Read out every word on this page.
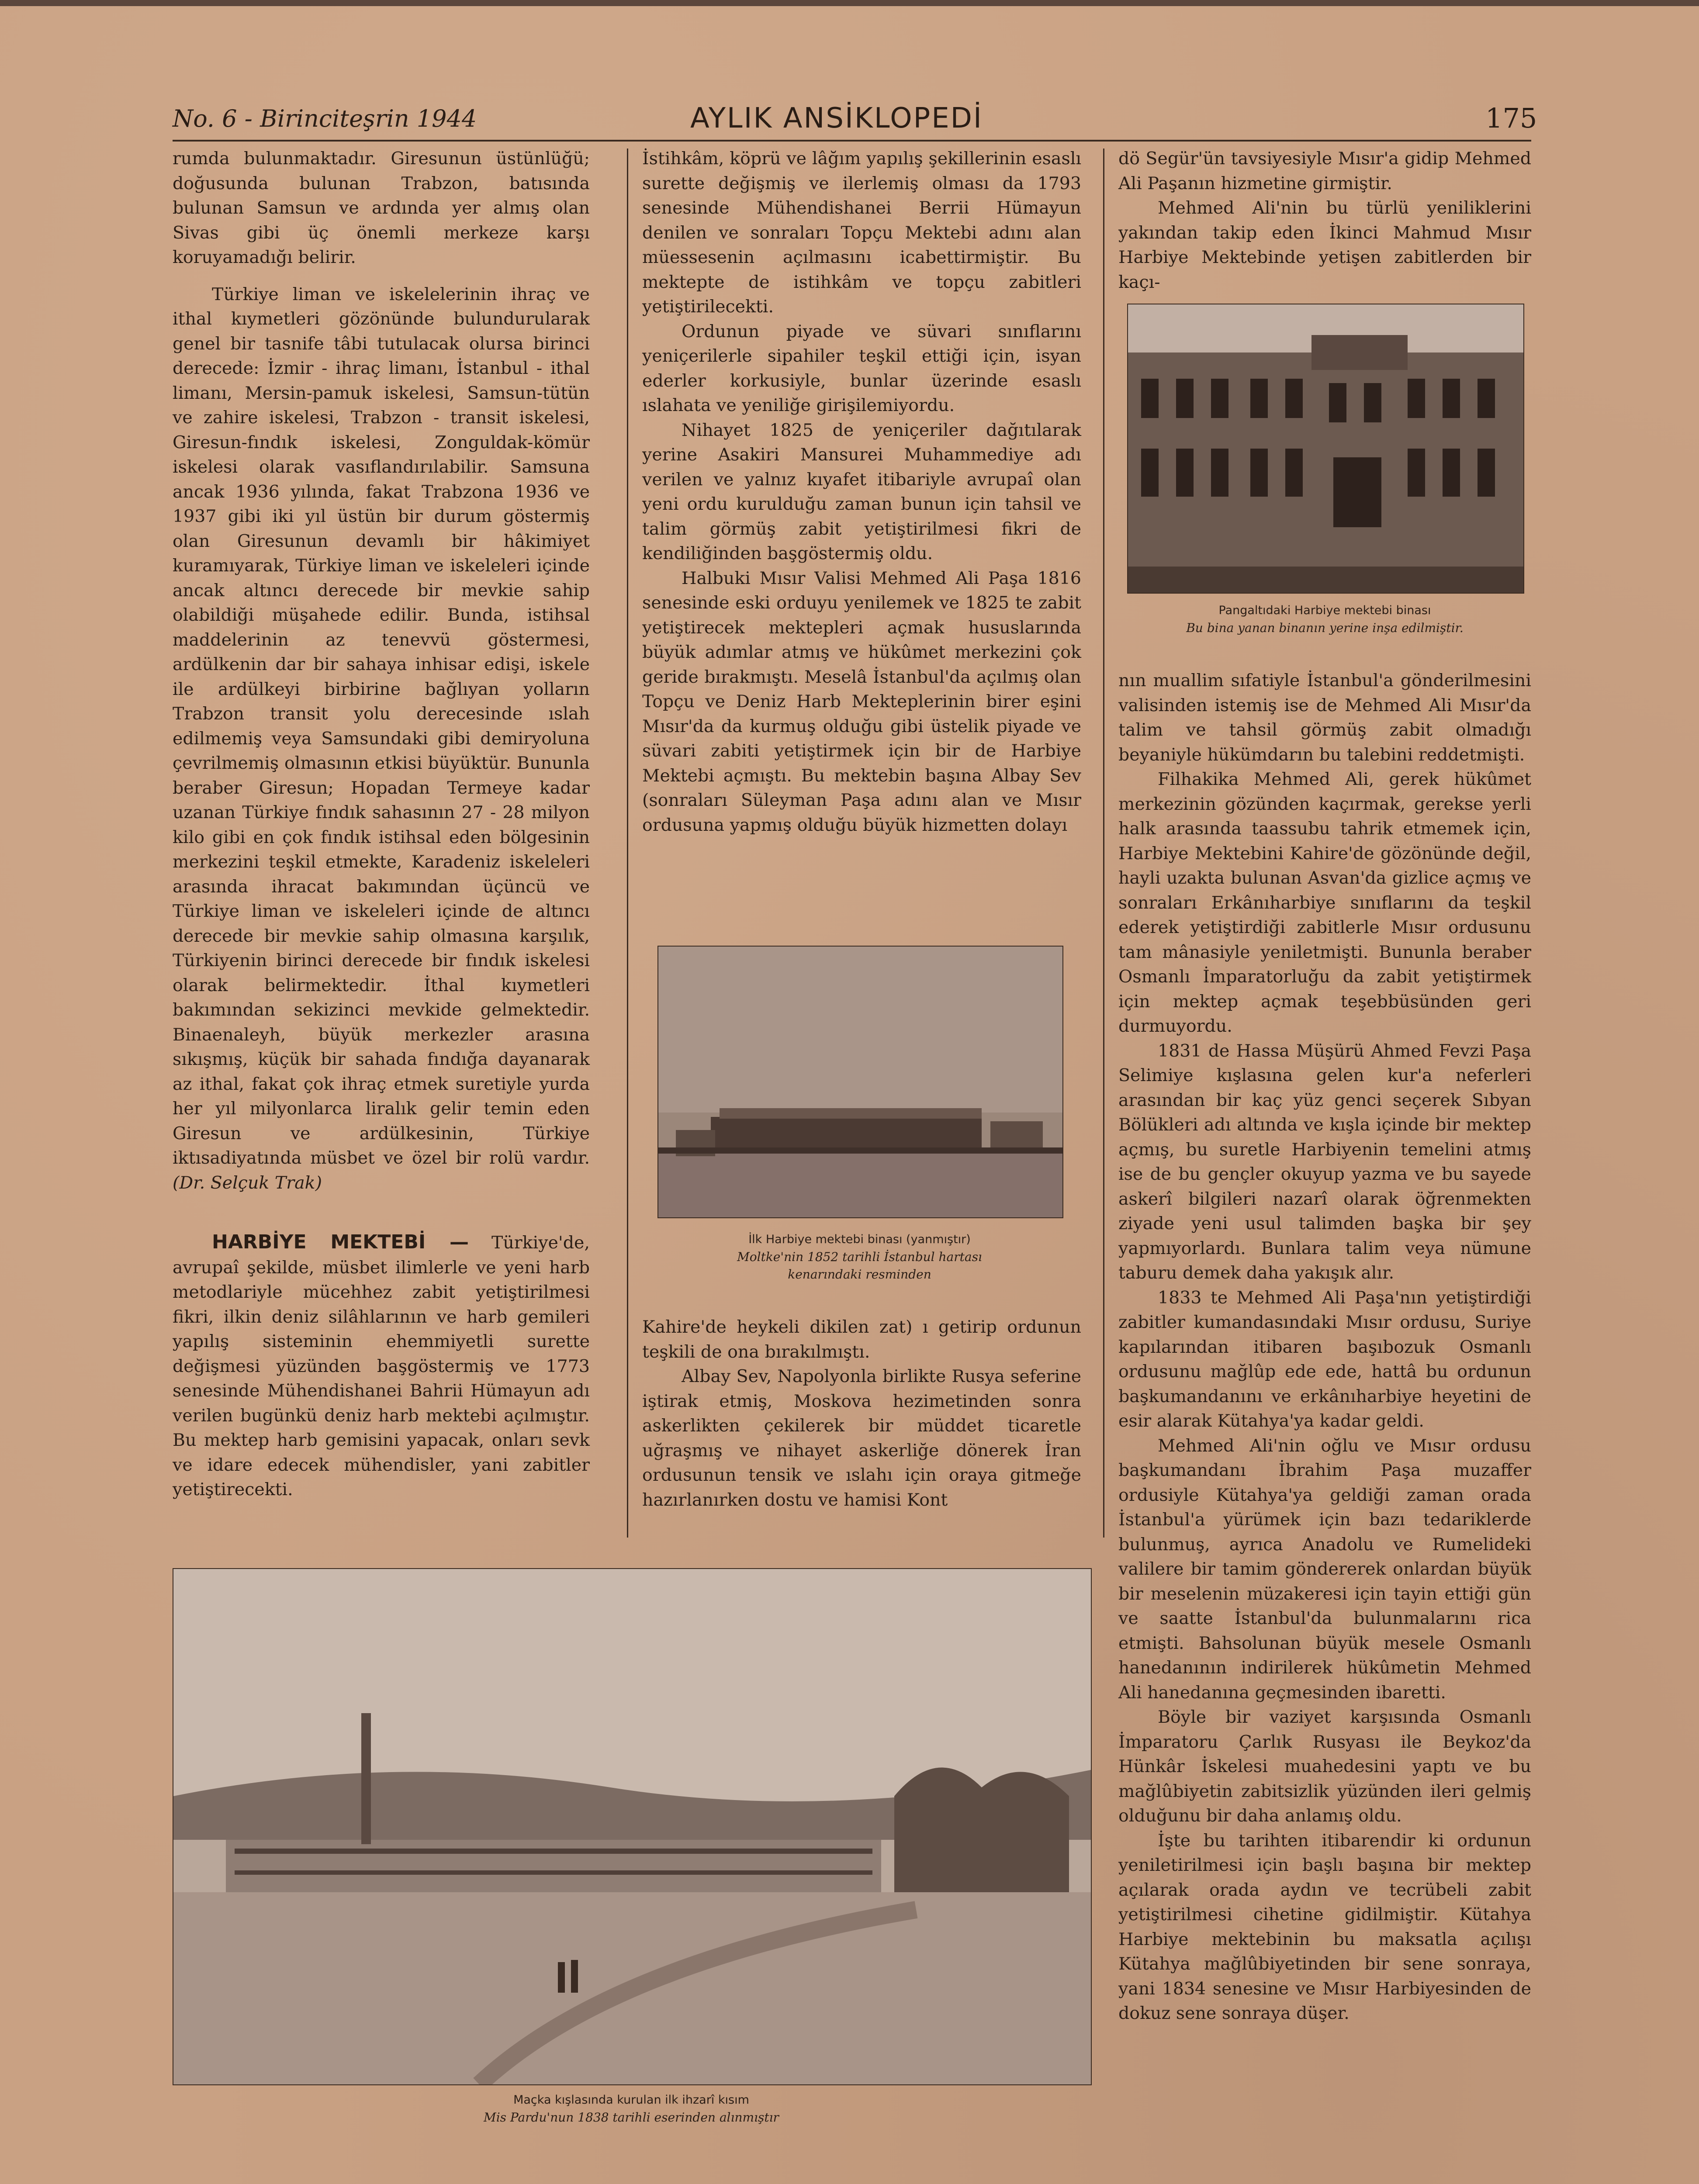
No. 6 - Birinciteşrin 1944	AYLIK ANSİKLOPEDİ	175

rumda bulunmaktadır. Giresunun üstünlüğü; doğusunda bulunan Trabzon, batısında bulunan Samsun ve ardında yer almış olan Sivas gibi üç önemli merkeze karşı koruyamadığı belirir.

Türkiye liman ve iskelelerinin ihraç ve ithal kıymetleri gözönünde bulundurularak genel bir tasnife tâbi tutulacak olursa birinci derecede: İzmir - ihraç limanı, İstanbul - ithal limanı, Mersin-pamuk iskelesi, Samsun-tütün ve zahire iskelesi, Trabzon - transit iskelesi, Giresun-fındık iskelesi, Zonguldak-kömür iskelesi olarak vasıflandırılabilir. Samsuna ancak 1936 yılında, fakat Trabzona 1936 ve 1937 gibi iki yıl üstün bir durum göstermiş olan Giresunun devamlı bir hâkimiyet kuramıyarak, Türkiye liman ve iskeleleri içinde ancak altıncı derecede bir mevkie sahip olabildiği müşahede edilir. Bunda, istihsal maddelerinin az tenevvü göstermesi, ardülkenin dar bir sahaya inhisar edişi, iskele ile ardülkeyi birbirine bağlıyan yolların Trabzon transit yolu derecesinde ıslah edilmemiş veya Samsundaki gibi demiryoluna çevrilmemiş olmasının etkisi büyüktür. Bununla beraber Giresun; Hopadan Termeye kadar uzanan Türkiye fındık sahasının 27 - 28 milyon kilo gibi en çok fındık istihsal eden bölgesinin merkezini teşkil etmekte, Karadeniz iskeleleri arasında ihracat bakımından üçüncü ve Türkiye liman ve iskeleleri içinde de altıncı derecede bir mevkie sahip olmasına karşılık, Türkiyenin birinci derecede bir fındık iskelesi olarak belirmektedir. İthal kıymetleri bakımından sekizinci mevkide gelmektedir. Binaenaleyh, büyük merkezler arasına sıkışmış, küçük bir sahada fındığa dayanarak az ithal, fakat çok ihraç etmek suretiyle yurda her yıl milyonlarca liralık gelir temin eden Giresun ve ardülkesinin, Türkiye iktısadiyatında müsbet ve özel bir rolü vardır. (Dr. Selçuk Trak)

HARBİYE MEKTEBİ — Türkiye'de, avrupaî şekilde, müsbet ilimlerle ve yeni harb metodlariyle mücehhez zabit yetiştirilmesi fikri, ilkin deniz silâhlarının ve harb gemileri yapılış sisteminin ehemmiyetli surette değişmesi yüzünden başgöstermiş ve 1773 senesinde Mühendishanei Bahrii Hümayun adı verilen bugünkü deniz harb mektebi açılmıştır. Bu mektep harb gemisini yapacak, onları sevk ve idare edecek mühendisler, yani zabitler yetiştirecekti.

İstihkâm, köprü ve lâğım yapılış şekillerinin esaslı surette değişmiş ve ilerlemiş olması da 1793 senesinde Mühendishanei Berrii Hümayun denilen ve sonraları Topçu Mektebi adını alan müessesenin açılmasını icabettirmiştir. Bu mektepte de istihkâm ve topçu zabitleri yetiştirilecekti.

Ordunun piyade ve süvari sınıflarını yeniçerilerle sipahiler teşkil ettiği için, isyan ederler korkusiyle, bunlar üzerinde esaslı ıslahata ve yeniliğe girişilemiyordu.

Nihayet 1825 de yeniçeriler dağıtılarak yerine Asakiri Mansurei Muhammediye adı verilen ve yalnız kıyafet itibariyle avrupaî olan yeni ordu kurulduğu zaman bunun için tahsil ve talim görmüş zabit yetiştirilmesi fikri de kendiliğinden başgöstermiş oldu.

Halbuki Mısır Valisi Mehmed Ali Paşa 1816 senesinde eski orduyu yenilemek ve 1825 te zabit yetiştirecek mektepleri açmak hususlarında büyük adımlar atmış ve hükûmet merkezini çok geride bırakmıştı. Meselâ İstanbul'da açılmış olan Topçu ve Deniz Harb Mekteplerinin birer eşini Mısır'da da kurmuş olduğu gibi üstelik piyade ve süvari zabiti yetiştirmek için bir de Harbiye Mektebi açmıştı. Bu mektebin başına Albay Sev (sonraları Süleyman Paşa adını alan ve Mısır ordusuna yapmış olduğu büyük hizmetten dolayı

İlk Harbiye mektebi binası (yanmıştır)
Moltke'nin 1852 tarihli İstanbul hartası
kenarındaki resminden

Kahire'de heykeli dikilen zat) ı getirip ordunun teşkili de ona bırakılmıştı.

Albay Sev, Napolyonla birlikte Rusya seferine iştirak etmiş, Moskova hezimetinden sonra askerlikten çekilerek bir müddet ticaretle uğraşmış ve nihayet askerliğe dönerek İran ordusunun tensik ve ıslahı için oraya gitmeğe hazırlanırken dostu ve hamisi Kont

dö Segür'ün tavsiyesiyle Mısır'a gidip Mehmed Ali Paşanın hizmetine girmiştir.

Mehmed Ali'nin bu türlü yeniliklerini yakından takip eden İkinci Mahmud Mısır Harbiye Mektebinde yetişen zabitlerden bir kaçı-

Pangaltıdaki Harbiye mektebi binası
Bu bina yanan binanın yerine inşa edilmiştir.

nın muallim sıfatiyle İstanbul'a gönderilmesini valisinden istemiş ise de Mehmed Ali Mısır'da talim ve tahsil görmüş zabit olmadığı beyaniyle hükümdarın bu talebini reddetmişti.

Filhakika Mehmed Ali, gerek hükûmet merkezinin gözünden kaçırmak, gerekse yerli halk arasında taassubu tahrik etmemek için, Harbiye Mektebini Kahire'de gözönünde değil, hayli uzakta bulunan Asvan'da gizlice açmış ve sonraları Erkânıharbiye sınıflarını da teşkil ederek yetiştirdiği zabitlerle Mısır ordusunu tam mânasiyle yeniletmişti. Bununla beraber Osmanlı İmparatorluğu da zabit yetiştirmek için mektep açmak teşebbüsünden geri durmuyordu.

1831 de Hassa Müşürü Ahmed Fevzi Paşa Selimiye kışlasına gelen kur'a neferleri arasından bir kaç yüz genci seçerek Sıbyan Bölükleri adı altında ve kışla içinde bir mektep açmış, bu suretle Harbiyenin temelini atmış ise de bu gençler okuyup yazma ve bu sayede askerî bilgileri nazarî olarak öğrenmekten ziyade yeni usul talimden başka bir şey yapmıyorlardı. Bunlara talim veya nümune taburu demek daha yakışık alır.

1833 te Mehmed Ali Paşa'nın yetiştirdiği zabitler kumandasındaki Mısır ordusu, Suriye kapılarından itibaren başıbozuk Osmanlı ordusunu mağlûp ede ede, hattâ bu ordunun başkumandanını ve erkânıharbiye heyetini de esir alarak Kütahya'ya kadar geldi.

Mehmed Ali'nin oğlu ve Mısır ordusu başkumandanı İbrahim Paşa muzaffer ordusiyle Kütahya'ya geldiği zaman orada İstanbul'a yürümek için bazı tedariklerde bulunmuş, ayrıca Anadolu ve Rumelideki valilere bir tamim göndererek onlardan büyük bir meselenin müzakeresi için tayin ettiği gün ve saatte İstanbul'da bulunmalarını rica etmişti. Bahsolunan büyük mesele Osmanlı hanedanının indirilerek hükûmetin Mehmed Ali hanedanına geçmesinden ibaretti.

Böyle bir vaziyet karşısında Osmanlı İmparatoru Çarlık Rusyası ile Beykoz'da Hünkâr İskelesi muahedesini yaptı ve bu mağlûbiyetin zabitsizlik yüzünden ileri gelmiş olduğunu bir daha anlamış oldu.

İşte bu tarihten itibarendir ki ordunun yeniletirilmesi için başlı başına bir mektep açılarak orada aydın ve tecrübeli zabit yetiştirilmesi cihetine gidilmiştir. Kütahya Harbiye mektebinin bu maksatla açılışı Kütahya mağlûbiyetinden bir sene sonraya, yani 1834 senesine ve Mısır Harbiyesinden de dokuz sene sonraya düşer.

Maçka kışlasında kurulan ilk ihzarî kısım
Mis Pardu'nun 1838 tarihli eserinden alınmıştır
